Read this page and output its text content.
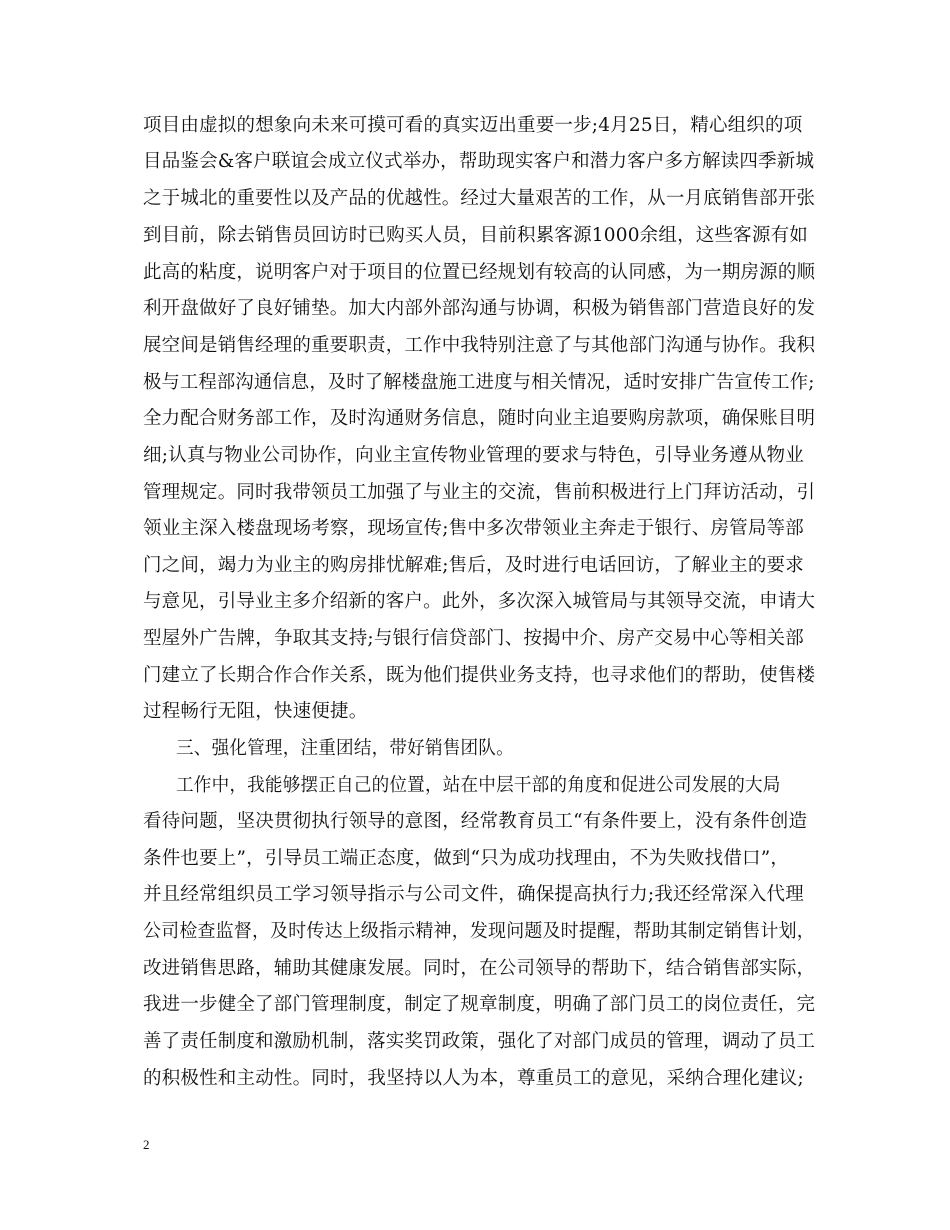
项目由虚拟的想象向未来可摸可看的真实迈出重要一步;4月25日，精心组织的项
目品鉴会&客户联谊会成立仪式举办，帮助现实客户和潜力客户多方解读四季新城
之于城北的重要性以及产品的优越性。经过大量艰苦的工作，从一月底销售部开张
到目前，除去销售员回访时已购买人员，目前积累客源1000余组，这些客源有如
此高的粘度，说明客户对于项目的位置已经规划有较高的认同感，为一期房源的顺
利开盘做好了良好铺垫。加大内部外部沟通与协调，积极为销售部门营造良好的发
展空间是销售经理的重要职责，工作中我特别注意了与其他部门沟通与协作。我积
极与工程部沟通信息，及时了解楼盘施工进度与相关情况，适时安排广告宣传工作;
全力配合财务部工作，及时沟通财务信息，随时向业主追要购房款项，确保账目明
细;认真与物业公司协作，向业主宣传物业管理的要求与特色，引导业务遵从物业
管理规定。同时我带领员工加强了与业主的交流，售前积极进行上门拜访活动，引
领业主深入楼盘现场考察，现场宣传;售中多次带领业主奔走于银行、房管局等部
门之间，竭力为业主的购房排忧解难;售后，及时进行电话回访，了解业主的要求
与意见，引导业主多介绍新的客户。此外，多次深入城管局与其领导交流，申请大
型屋外广告牌，争取其支持;与银行信贷部门、按揭中介、房产交易中心等相关部
门建立了长期合作合作关系，既为他们提供业务支持，也寻求他们的帮助，使售楼
过程畅行无阻，快速便捷。
三、强化管理，注重团结，带好销售团队。
工作中，我能够摆正自己的位置，站在中层干部的角度和促进公司发展的大局
看待问题，坚决贯彻执行领导的意图，经常教育员工“有条件要上，没有条件创造
条件也要上”，引导员工端正态度，做到“只为成功找理由，不为失败找借口”，
并且经常组织员工学习领导指示与公司文件，确保提高执行力;我还经常深入代理
公司检查监督，及时传达上级指示精神，发现问题及时提醒，帮助其制定销售计划，
改进销售思路，辅助其健康发展。同时，在公司领导的帮助下，结合销售部实际，
我进一步健全了部门管理制度，制定了规章制度，明确了部门员工的岗位责任，完
善了责任制度和激励机制，落实奖罚政策，强化了对部门成员的管理，调动了员工
的积极性和主动性。同时，我坚持以人为本，尊重员工的意见，采纳合理化建议;
2
